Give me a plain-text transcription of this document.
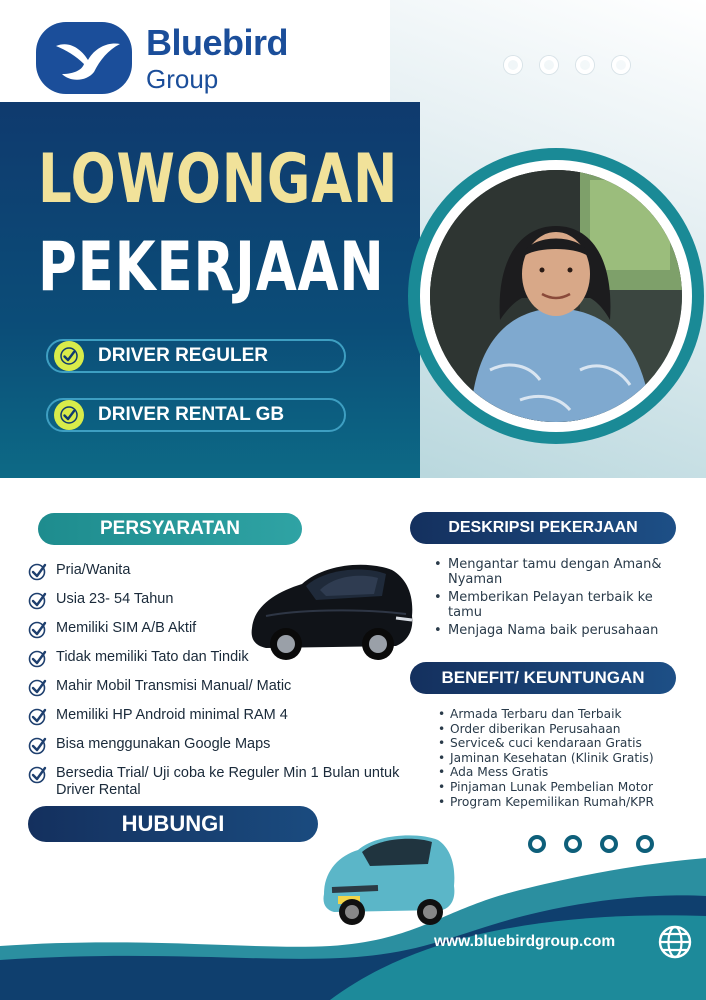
Bluebird
Group
LOWONGAN
PEKERJAAN
DRIVER REGULER
DRIVER RENTAL GB
PERSYARATAN
Pria/Wanita
Usia 23- 54 Tahun
Memiliki SIM A/B Aktif
Tidak memiliki Tato dan Tindik
Mahir Mobil Transmisi Manual/ Matic
Memiliki HP Android minimal RAM 4
Bisa menggunakan Google Maps
Bersedia Trial/ Uji coba ke Reguler Min 1 Bulan untuk Driver Rental
DESKRIPSI PEKERJAAN
• Mengantar tamu dengan Aman& Nyaman
• Memberikan Pelayan terbaik ke tamu
• Menjaga Nama baik perusahaan
BENEFIT/ KEUNTUNGAN
• Armada Terbaru dan Terbaik
• Order diberikan Perusahaan
• Service& cuci kendaraan Gratis
• Jaminan Kesehatan (Klinik Gratis)
• Ada Mess Gratis
• Pinjaman Lunak Pembelian Motor
• Program Kepemilikan Rumah/KPR
HUBUNGI
www.bluebirdgroup.com
